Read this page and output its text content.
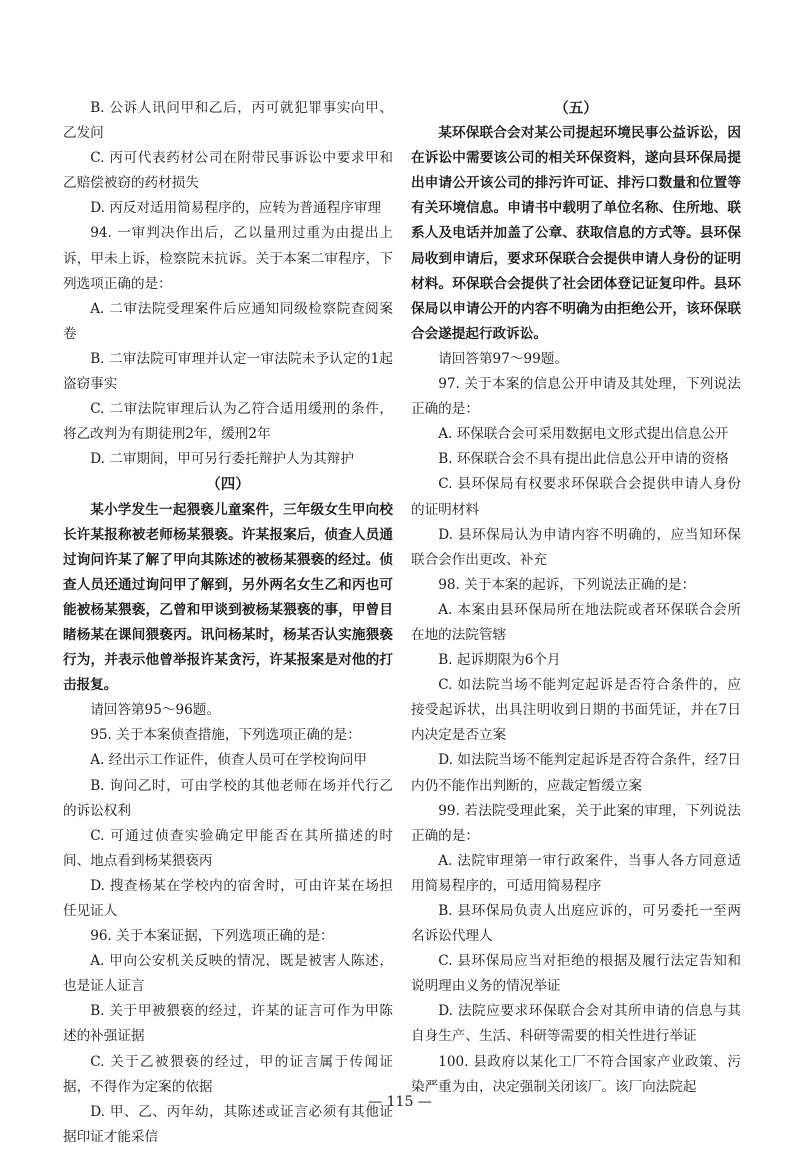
B. 公诉人讯问甲和乙后，丙可就犯罪事实向甲、乙发问

C. 丙可代表药材公司在附带民事诉讼中要求甲和乙赔偿被窃的药材损失

D. 丙反对适用简易程序的，应转为普通程序审理

94. 一审判决作出后，乙以量刑过重为由提出上诉，甲未上诉，检察院未抗诉。关于本案二审程序，下列选项正确的是：

A. 二审法院受理案件后应通知同级检察院查阅案卷

B. 二审法院可审理并认定一审法院未予认定的1起盗窃事实

C. 二审法院审理后认为乙符合适用缓刑的条件，将乙改判为有期徒刑2年，缓刑2年

D. 二审期间，甲可另行委托辩护人为其辩护

（四）

某小学发生一起猥亵儿童案件，三年级女生甲向校长许某报称被老师杨某猥亵。许某报案后，侦查人员通过询问许某了解了甲向其陈述的被杨某猥亵的经过。侦查人员还通过询问甲了解到，另外两名女生乙和丙也可能被杨某猥亵，乙曾和甲谈到被杨某猥亵的事，甲曾目睹杨某在课间猥亵丙。讯问杨某时，杨某否认实施猥亵行为，并表示他曾举报许某贪污，许某报案是对他的打击报复。

请回答第95～96题。

95. 关于本案侦查措施，下列选项正确的是：

A. 经出示工作证件，侦查人员可在学校询问甲

B. 询问乙时，可由学校的其他老师在场并代行乙的诉讼权利

C. 可通过侦查实验确定甲能否在其所描述的时间、地点看到杨某猥亵丙

D. 搜查杨某在学校内的宿舍时，可由许某在场担任见证人

96. 关于本案证据，下列选项正确的是：

A. 甲向公安机关反映的情况，既是被害人陈述，也是证人证言

B. 关于甲被猥亵的经过，许某的证言可作为甲陈述的补强证据

C. 关于乙被猥亵的经过，甲的证言属于传闻证据，不得作为定案的依据

D. 甲、乙、丙年幼，其陈述或证言必须有其他证据印证才能采信

（五）

某环保联合会对某公司提起环境民事公益诉讼，因在诉讼中需要该公司的相关环保资料，遂向县环保局提出申请公开该公司的排污许可证、排污口数量和位置等有关环境信息。申请书中载明了单位名称、住所地、联系人及电话并加盖了公章、获取信息的方式等。县环保局收到申请后，要求环保联合会提供申请人身份的证明材料。环保联合会提供了社会团体登记证复印件。县环保局以申请公开的内容不明确为由拒绝公开，该环保联合会遂提起行政诉讼。

请回答第97～99题。

97. 关于本案的信息公开申请及其处理，下列说法正确的是：

A. 环保联合会可采用数据电文形式提出信息公开

B. 环保联合会不具有提出此信息公开申请的资格

C. 县环保局有权要求环保联合会提供申请人身份的证明材料

D. 县环保局认为申请内容不明确的，应当知环保联合会作出更改、补充

98. 关于本案的起诉，下列说法正确的是：

A. 本案由县环保局所在地法院或者环保联合会所在地的法院管辖

B. 起诉期限为6个月

C. 如法院当场不能判定起诉是否符合条件的，应接受起诉状，出具注明收到日期的书面凭证，并在7日内决定是否立案

D. 如法院当场不能判定起诉是否符合条件，经7日内仍不能作出判断的，应裁定暂缓立案

99. 若法院受理此案，关于此案的审理，下列说法正确的是：

A. 法院审理第一审行政案件，当事人各方同意适用简易程序的，可适用简易程序

B. 县环保局负责人出庭应诉的，可另委托一至两名诉讼代理人

C. 县环保局应当对拒绝的根据及履行法定告知和说明理由义务的情况举证

D. 法院应要求环保联合会对其所申请的信息与其自身生产、生活、科研等需要的相关性进行举证

100. 县政府以某化工厂不符合国家产业政策、污染严重为由，决定强制关闭该厂。该厂向法院起

— 115 —
